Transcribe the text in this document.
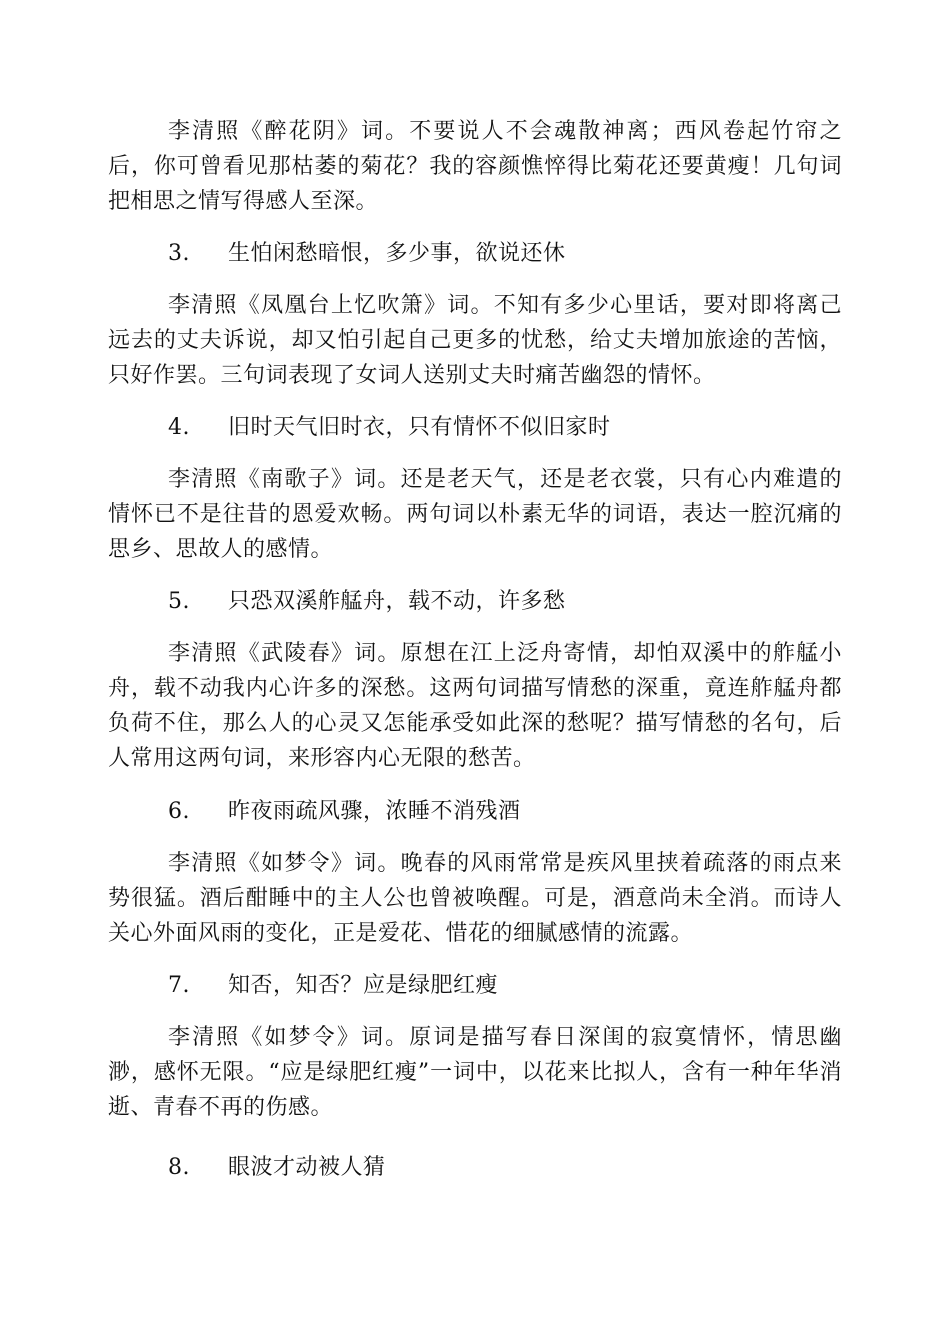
李清照《醉花阴》词。不要说人不会魂散神离；西风卷起竹帘之后，你可曾看见那枯萎的菊花？我的容颜憔悴得比菊花还要黄瘦！几句词把相思之情写得感人至深。

3. 生怕闲愁暗恨，多少事，欲说还休

李清照《凤凰台上忆吹箫》词。不知有多少心里话，要对即将离己远去的丈夫诉说，却又怕引起自己更多的忧愁，给丈夫增加旅途的苦恼，只好作罢。三句词表现了女词人送别丈夫时痛苦幽怨的情怀。

4. 旧时天气旧时衣，只有情怀不似旧家时

李清照《南歌子》词。还是老天气，还是老衣裳，只有心内难遣的情怀已不是往昔的恩爱欢畅。两句词以朴素无华的词语，表达一腔沉痛的思乡、思故人的感情。

5. 只恐双溪舴艋舟，载不动，许多愁

李清照《武陵春》词。原想在江上泛舟寄情，却怕双溪中的舴艋小舟，载不动我内心许多的深愁。这两句词描写情愁的深重，竟连舴艋舟都负荷不住，那么人的心灵又怎能承受如此深的愁呢？描写情愁的名句，后人常用这两句词，来形容内心无限的愁苦。

6. 昨夜雨疏风骤，浓睡不消残酒

李清照《如梦令》词。晚春的风雨常常是疾风里挟着疏落的雨点来势很猛。酒后酣睡中的主人公也曾被唤醒。可是，酒意尚未全消。而诗人关心外面风雨的变化，正是爱花、惜花的细腻感情的流露。

7. 知否，知否？应是绿肥红瘦

李清照《如梦令》词。原词是描写春日深闺的寂寞情怀，情思幽渺，感怀无限。“应是绿肥红瘦”一词中，以花来比拟人，含有一种年华消逝、青春不再的伤感。

8. 眼波才动被人猜
